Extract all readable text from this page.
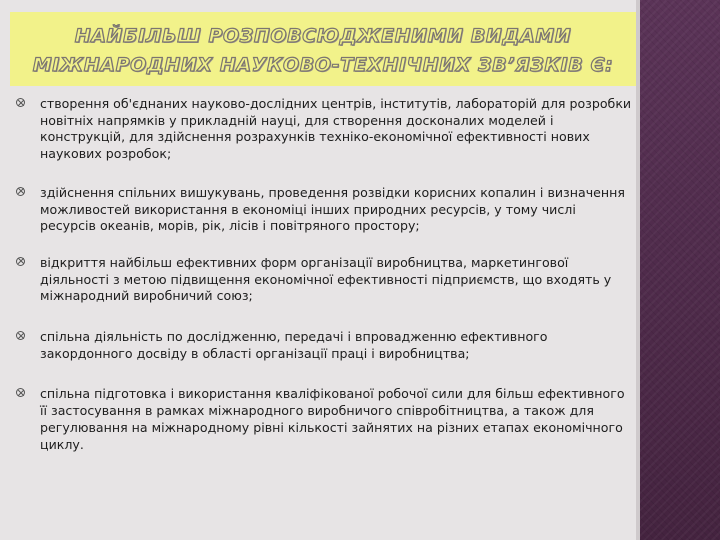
НАЙБІЛЬШ РОЗПОВСЮДЖЕНИМИ ВИДАМИ
МІЖНАРОДНИХ НАУКОВО-ТЕХНІЧНИХ ЗВ’ЯЗКІВ Є:
створення об'єднаних науково-дослідних центрів, інститутів, лабораторій для розробки новітніх напрямків у прикладній науці, для створення досконалих моделей і конструкцій, для здійснення розрахунків техніко-економічної ефективності нових наукових розробок;
здійснення спільних вишукувань, проведення розвідки корисних копалин і визначення можливостей використання в економіці інших природних ресурсів, у тому числі ресурсів океанів, морів, рік, лісів і повітряного простору;
відкриття найбільш ефективних форм організації виробництва, маркетингової діяльності з метою підвищення економічної ефективності підприємств, що входять у міжнародний виробничий союз;
спільна діяльність по дослідженню, передачі і впровадженню ефективного закордонного досвіду в області організації праці і виробництва;
спільна підготовка і використання кваліфікованої робочої сили для більш ефективного її застосування в рамках міжнародного виробничого співробітництва, а також для регулювання на міжнародному рівні кількості зайнятих на різних етапах економічного циклу.
